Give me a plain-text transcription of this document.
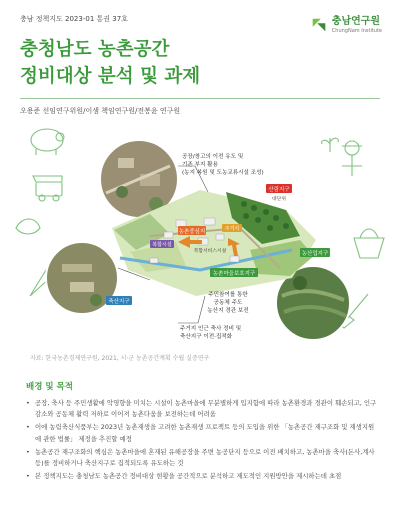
충남 정책지도 2023-01 통권 37호	충남연구원
ChungNam Institute
충청남도 농촌공간
정비대상 분석 및 과제
오용준 선임연구위원/이샘 책임연구원/전봉윤 연구원
산림지구
대단위
농산업지구
농촌마을보호지구
축산지구
농촌중심지
복합시설
주거지
복합서비스시설
공장/창고의 이전 유도 및
기존 부지 활용
(농지 복원 및 도농교류시설 조성)
주민참여를 통한
공동체 주도
농산지 경관 보전
주거지 인근 축사 정비 및
축산지구 이전·집적화
자료: 한국농촌경제연구원, 2021, 시·군 농촌공간계획 수립 실증연구
배경 및 목적
• 공장, 축사 등 주민생활에 악영향을 미치는 시설이 농촌마을에 무분별하게 입지함에 따라 농촌환경과 경관이 훼손되고, 인구 감소와 공동체 활력 저하로 이어져 농촌다움을 보전하는데 어려움
• 이에 농림축산식품부는 2023년 농촌재생을 고려한 농촌재생 프로젝트 등의 도입을 위한 「농촌공간 재구조화 및 재생지원에 관한 법률」 제정을 추진할 예정
• 농촌공간 재구조화의 핵심은 농촌마을에 혼재된 유해공장을 주변 농공단지 등으로 이전 배치하고, 농촌마을 축사(돈사,계사 등)를 정비하거나 축산지구로 집적되도록 유도하는 것
• 본 정책지도는 충청남도 농촌공간 정비대상 현황을 공간적으로 분석하고 제도적인 지원방안을 제시하는데 초점
